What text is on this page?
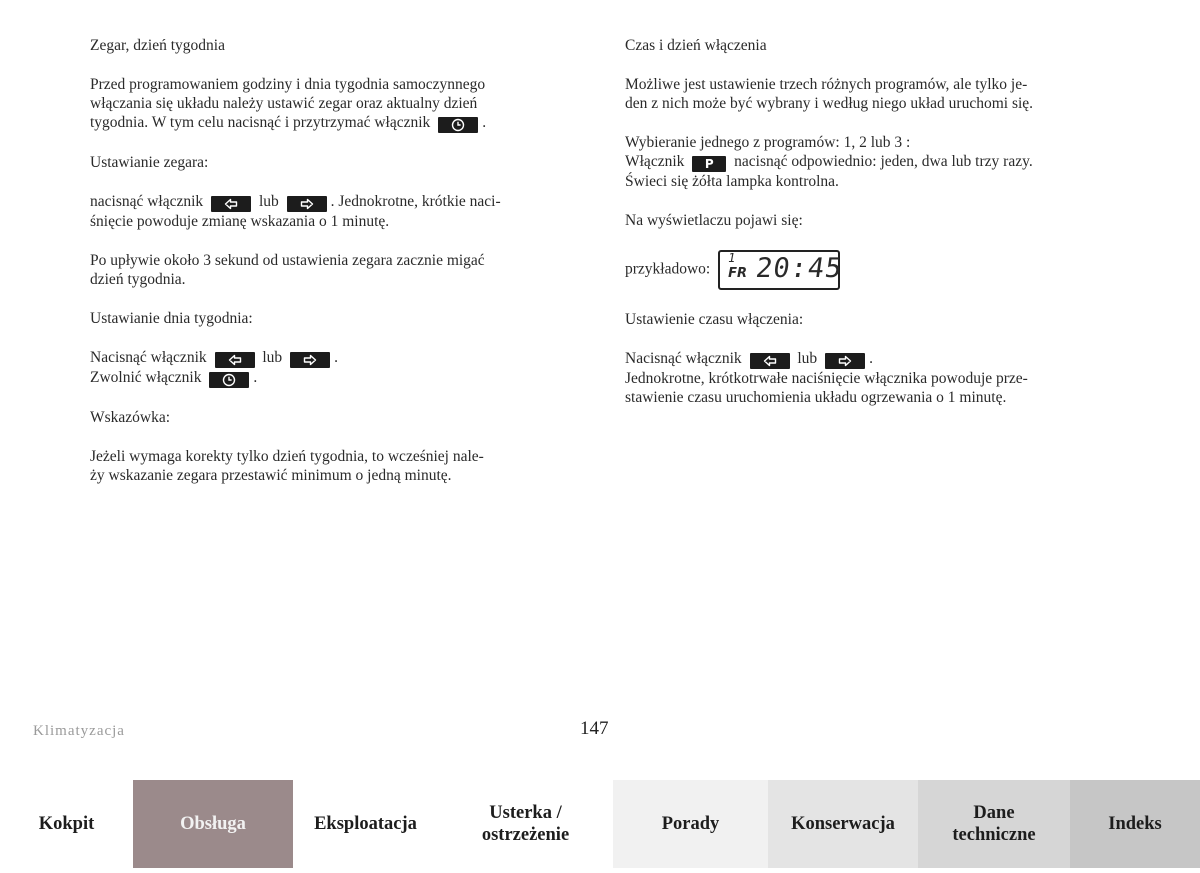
Zegar, dzień tygodnia

Przed programowaniem godziny i dnia tygodnia samoczynnego
włączania się układu należy ustawić zegar oraz aktualny dzień
tygodnia. W tym celu nacisnąć i przytrzymać włącznik	.

Ustawianie zegara:

nacisnąć włącznik	lub	. Jednokrotne, krótkie naci-
śnięcie powoduje zmianę wskazania o 1 minutę.

Po upływie około 3 sekund od ustawienia zegara zacznie migać
dzień tygodnia.

Ustawianie dnia tygodnia:

Nacisnąć włącznik	lub	.
Zwolnić włącznik	.

Wskazówka:

Jeżeli wymaga korekty tylko dzień tygodnia, to wcześniej nale-
ży wskazanie zegara przestawić minimum o jedną minutę.

Czas i dzień włączenia

Możliwe jest ustawienie trzech różnych programów, ale tylko je-
den z nich może być wybrany i według niego układ uruchomi się.

Wybieranie jednego z programów: 1, 2 lub 3 :
Włącznik P nacisnąć odpowiednio: jeden, dwa lub trzy razy.
Świeci się żółta lampka kontrolna.

Na wyświetlaczu pojawi się:

przykładowo:
1
FR 20:45

Ustawienie czasu włączenia:

Nacisnąć włącznik	lub	.
Jednokrotne, krótkotrwałe naciśnięcie włącznika powoduje prze-
stawienie czasu uruchomienia układu ogrzewania o 1 minutę.

Klimatyzacja	147
Kokpit	Obsługa	Eksploatacja
Usterka /
ostrzeżenie
Porady	Konserwacja
Dane
techniczne
Indeks
